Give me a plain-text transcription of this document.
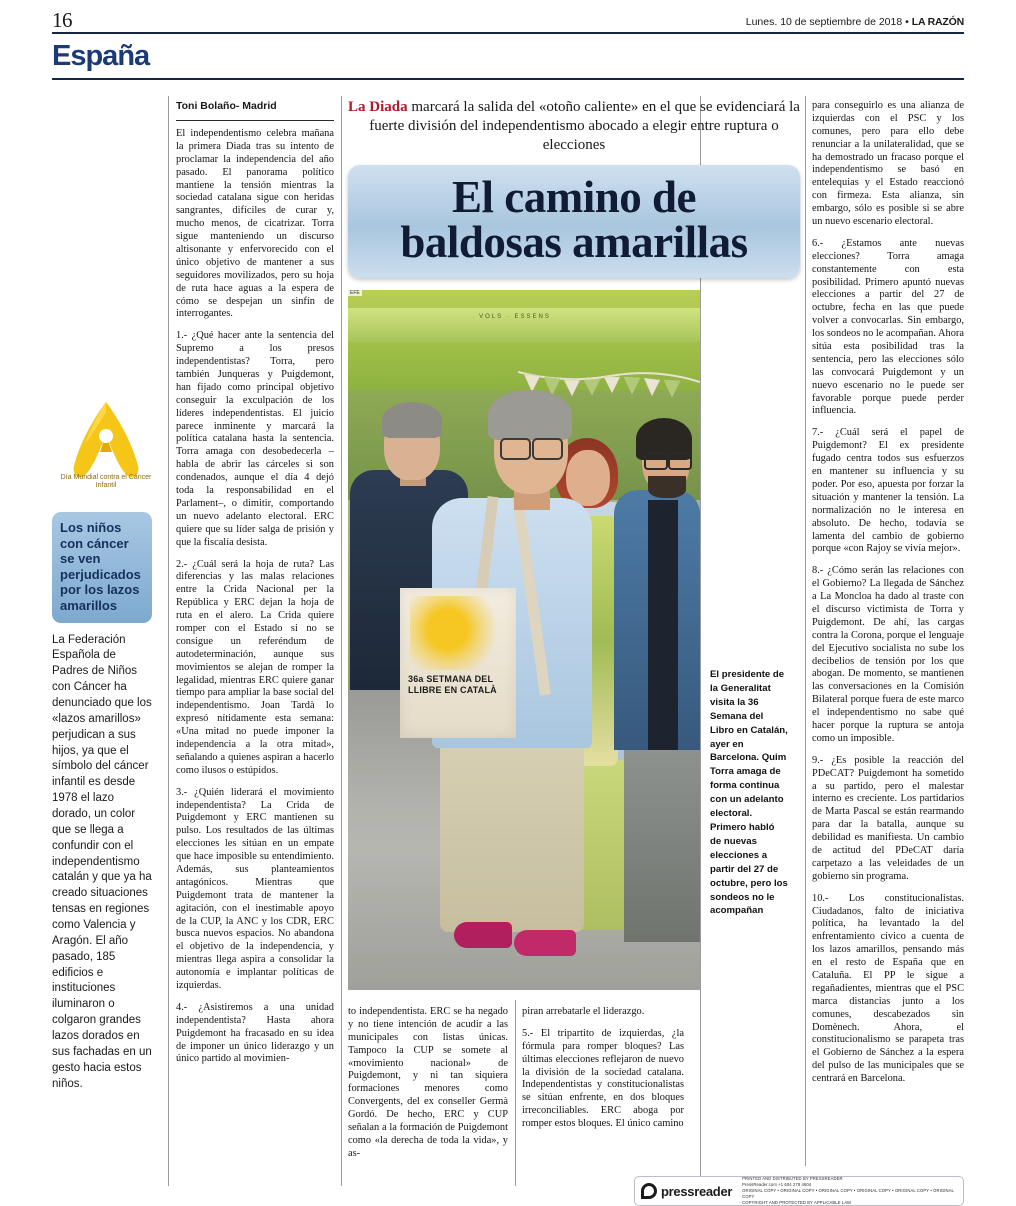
16	Lunes. 10 de septiembre de 2018 • LA RAZÓN
España
Día Mundial contra el Cáncer Infantil
Los niños con cáncer se ven perjudicados por los lazos amarillos
La Federación Española de Padres de Niños con Cáncer ha denunciado que los «lazos amarillos» perjudican a sus hijos, ya que el símbolo del cáncer infantil es desde 1978 el lazo dorado, un color que se llega a confundir con el independentismo catalán y que ya ha creado situaciones tensas en regiones como Valencia y Aragón. El año pasado, 185 edificios e instituciones iluminaron o colgaron grandes lazos dorados en sus fachadas en un gesto hacia estos niños.
Toni Bolaño- Madrid

El independentismo celebra mañana la primera Diada tras su intento de proclamar la independencia del año pasado. El panorama político mantiene la tensión mientras la sociedad catalana sigue con heridas sangrantes, difíciles de curar y, mucho menos, de cicatrizar. Torra sigue manteniendo un discurso altisonante y enfervorecido con el único objetivo de mantener a sus seguidores movilizados, pero su hoja de ruta hace aguas a la espera de cómo se despejan un sinfín de interrogantes.

1.- ¿Qué hacer ante la sentencia del Supremo a los presos independentistas? Torra, pero también Junqueras y Puigdemont, han fijado como principal objetivo conseguir la exculpación de los líderes independentistas. El juicio parece inminente y marcará la política catalana hasta la sentencia. Torra amaga con desobedecerla –habla de abrir las cárceles si son condenados, aunque el día 4 dejó toda la responsabilidad en el Parlament–, o dimitir, comportando un nuevo adelanto electoral. ERC quiere que su líder salga de prisión y que la fiscalía desista.

2.- ¿Cuál será la hoja de ruta? Las diferencias y las malas relaciones entre la Crida Nacional per la República y ERC dejan la hoja de ruta en el alero. La Crida quiere romper con el Estado si no se consigue un referéndum de autodeterminación, aunque sus movimientos se alejan de romper la legalidad, mientras ERC quiere ganar tiempo para ampliar la base social del independentismo. Joan Tardà lo expresó nítidamente esta semana: «Una mitad no puede imponer la independencia a la otra mitad», señalando a quienes aspiran a hacerlo como ilusos o estúpidos.

3.- ¿Quién liderará el movimiento independentista? La Crida de Puigdemont y ERC mantienen su pulso. Los resultados de las últimas elecciones les sitúan en un empate que hace imposible su entendimiento. Además, sus planteamientos antagónicos. Mientras que Puigdemont trata de mantener la agitación, con el inestimable apoyo de la CUP, la ANC y los CDR, ERC busca nuevos espacios. No abandona el objetivo de la independencia, y mientras llega aspira a consolidar la autonomía e implantar políticas de izquierdas.

4.- ¿Asistiremos a una unidad independentista? Hasta ahora Puigdemont ha fracasado en su idea de imponer un único liderazgo y un único partido al movimien-

La Diada marcará la salida del «otoño caliente» en el que se evidenciará la fuerte división del independentismo abocado a elegir entre ruptura o elecciones
El camino de
baldosas amarillas
EFE
VOLS · ESSENS
36a SETMANA DEL LLIBRE EN CATALÀ
El presidente de la Generalitat visita la 36 Semana del Libro en Catalán, ayer en Barcelona. Quim Torra amaga de forma continua con un adelanto electoral. Primero habló de nuevas elecciones a partir del 27 de octubre, pero los sondeos no le acompañan

to independentista. ERC se ha negado y no tiene intención de acudir a las municipales con listas únicas. Tampoco la CUP se somete al «movimiento nacional» de Puigdemont, y ni tan siquiera formaciones menores como Convergents, del ex conseller Germà Gordó. De hecho, ERC y CUP señalan a la formación de Puigdemont como «la derecha de toda la vida», y as-

piran arrebatarle el liderazgo.

5.- El tripartito de izquierdas, ¿la fórmula para romper bloques? Las últimas elecciones reflejaron de nuevo la división de la sociedad catalana. Independentistas y constitucionalistas se sitúan enfrente, en dos bloques irreconciliables. ERC aboga por romper estos bloques. El único camino

para conseguirlo es una alianza de izquierdas con el PSC y los comunes, pero para ello debe renunciar a la unilateralidad, que se ha demostrado un fracaso porque el independentismo se basó en entelequias y el Estado reaccionó con firmeza. Esta alianza, sin embargo, sólo es posible si se abre un nuevo escenario electoral.

6.- ¿Estamos ante nuevas elecciones? Torra amaga constantemente con esta posibilidad. Primero apuntó nuevas elecciones a partir del 27 de octubre, fecha en las que puede volver a convocarlas. Sin embargo, los sondeos no le acompañan. Ahora sitúa esta posibilidad tras la sentencia, pero las elecciones sólo las convocará Puigdemont y un nuevo escenario no le puede ser favorable porque puede perder influencia.

7.- ¿Cuál será el papel de Puigdemont? El ex presidente fugado centra todos sus esfuerzos en mantener su influencia y su poder. Por eso, apuesta por forzar la situación y mantener la tensión. La normalización no le interesa en absoluto. De hecho, todavía se lamenta del cambio de gobierno porque «con Rajoy se vivía mejor».

8.- ¿Cómo serán las relaciones con el Gobierno? La llegada de Sánchez a La Moncloa ha dado al traste con el discurso victimista de Torra y Puigdemont. De ahí, las cargas contra la Corona, porque el lenguaje del Ejecutivo socialista no sube los decibelios de tensión por los que abogan. De momento, se mantienen las conversaciones en la Comisión Bilateral porque fuera de este marco el independentismo no sabe qué hacer porque la ruptura se antoja como un imposible.

9.- ¿Es posible la reacción del PDeCAT? Puigdemont ha sometido a su partido, pero el malestar interno es creciente. Los partidarios de Marta Pascal se están rearmando para dar la batalla, aunque su debilidad es manifiesta. Un cambio de actitud del PDeCAT daría carpetazo a las veleidades de un gobierno sin programa.

10.- Los constitucionalistas. Ciudadanos, falto de iniciativa política, ha levantado la del enfrentamiento cívico a cuenta de los lazos amarillos, pensando más en el resto de España que en Cataluña. El PP le sigue a regañadientes, mientras que el PSC marca distancias junto a los comunes, descabezados sin Domènech. Ahora, el constitucionalismo se parapeta tras el Gobierno de Sánchez a la espera del pulso de las municipales que se centrará en Barcelona.

pressreader
PRINTED AND DISTRIBUTED BY PRESSREADER
PressReader.com +1 604 278 4604
ORIGINAL COPY • ORIGINAL COPY • ORIGINAL COPY • ORIGINAL COPY • ORIGINAL COPY • ORIGINAL COPY
COPYRIGHT AND PROTECTED BY APPLICABLE LAW
